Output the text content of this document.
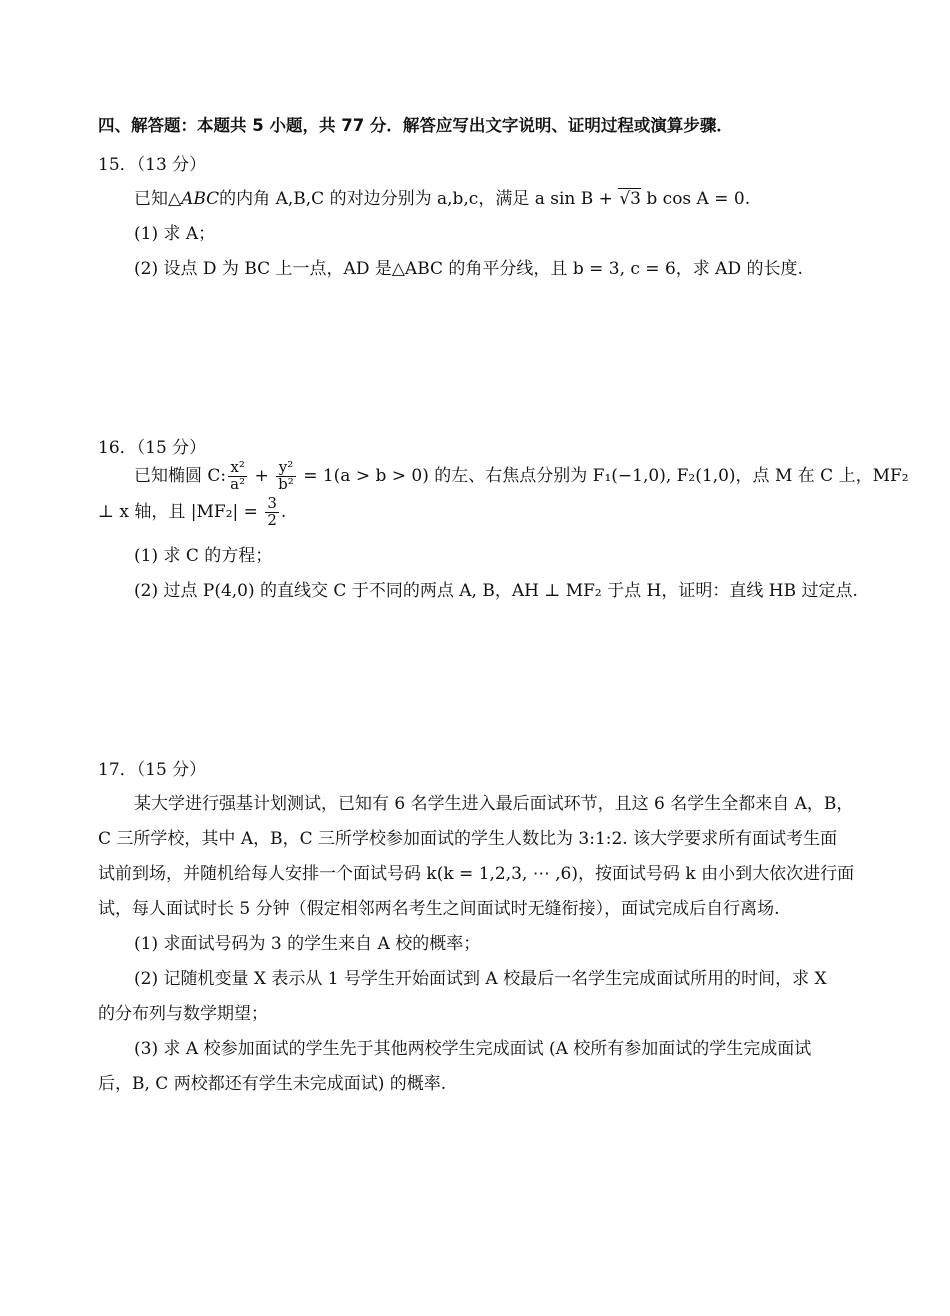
四、解答题：本题共 5 小题，共 77 分．解答应写出文字说明、证明过程或演算步骤．
15．（13 分）
已知△ABC的内角 A,B,C 的对边分别为 a,b,c，满足 a sin B + √3 b cos A = 0.
(1) 求 A；
(2) 设点 D 为 BC 上一点，AD 是△ABC 的角平分线，且 b = 3, c = 6，求 AD 的长度.
16．（15 分）
已知椭圆 C: $\frac{\text{x²}}{\text{a²}} + \frac{\text{y²}}{\text{b²}} = 1(a > b > 0)$ 的左、右焦点分别为 F₁(−1,0), F₂(1,0)，点 M 在 C 上，MF₂
⊥ x 轴，且 $|MF_2| = \frac{3}{2}$ .
(1) 求 C 的方程；
(2) 过点 P(4,0) 的直线交 C 于不同的两点 A, B，AH ⊥ MF₂ 于点 H，证明：直线 HB 过定点.
17．（15 分）
某大学进行强基计划测试，已知有 6 名学生进入最后面试环节，且这 6 名学生全都来自 A，B，
C 三所学校，其中 A，B，C 三所学校参加面试的学生人数比为 3:1:2. 该大学要求所有面试考生面
试前到场，并随机给每人安排一个面试号码 k(k = 1,2,3, ⋯ ,6)，按面试号码 k 由小到大依次进行面
试，每人面试时长 5 分钟（假定相邻两名考生之间面试时无缝衔接），面试完成后自行离场.
(1) 求面试号码为 3 的学生来自 A 校的概率；
(2) 记随机变量 X 表示从 1 号学生开始面试到 A 校最后一名学生完成面试所用的时间，求 X
的分布列与数学期望；
(3) 求 A 校参加面试的学生先于其他两校学生完成面试 (A 校所有参加面试的学生完成面试
后，B, C 两校都还有学生未完成面试) 的概率.
